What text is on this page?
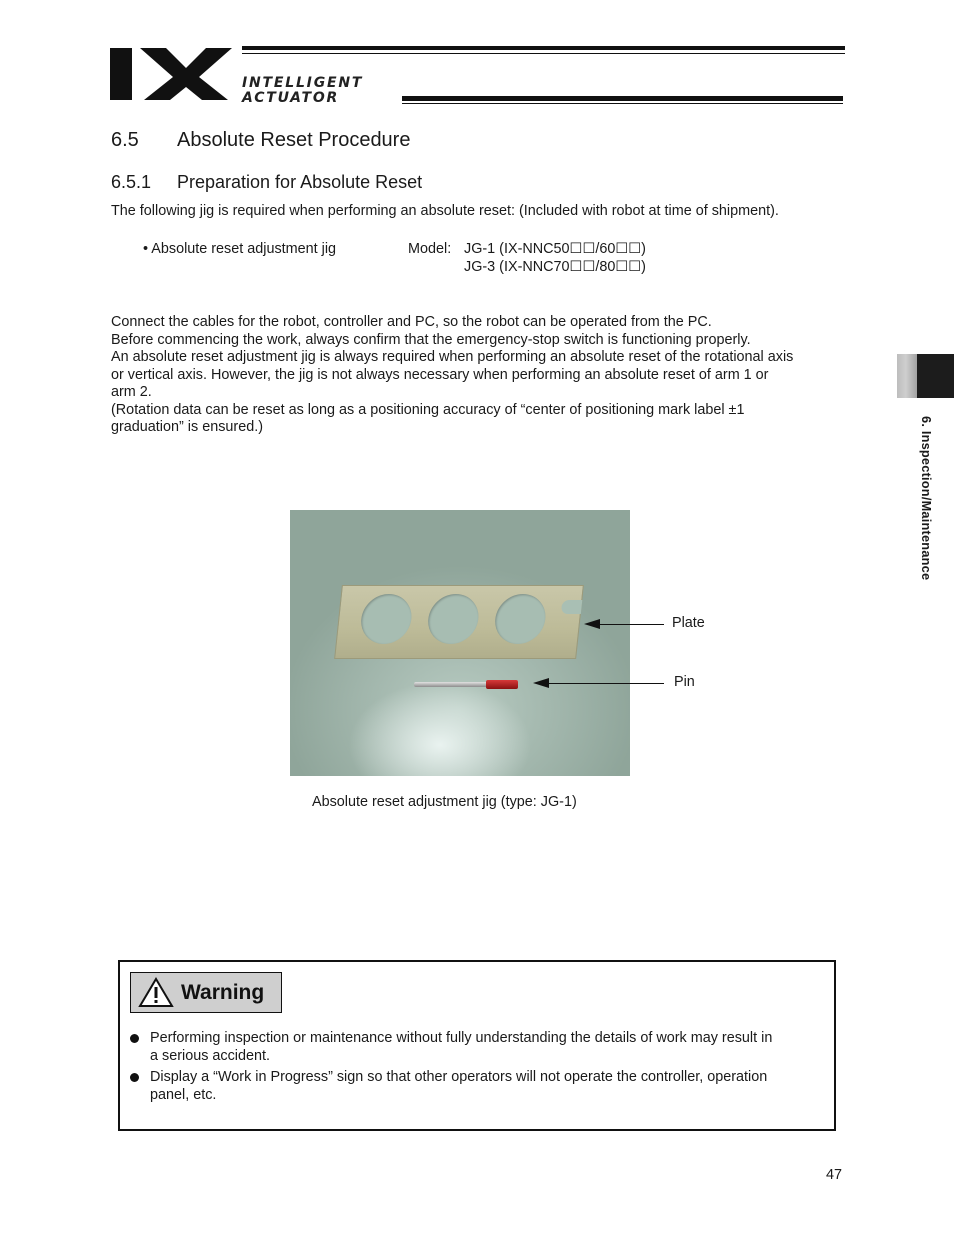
INTELLIGENT
ACTUATOR
6.5 Absolute Reset Procedure
6.5.1 Preparation for Absolute Reset
The following jig is required when performing an absolute reset: (Included with robot at time of shipment).
• Absolute reset adjustment jig	Model: JG-1 (IX-NNC50☐☐/60☐☐)
JG-3 (IX-NNC70☐☐/80☐☐)
Connect the cables for the robot, controller and PC, so the robot can be operated from the PC.
Before commencing the work, always confirm that the emergency-stop switch is functioning properly.
An absolute reset adjustment jig is always required when performing an absolute reset of the rotational axis
or vertical axis. However, the jig is not always necessary when performing an absolute reset of arm 1 or
arm 2.
(Rotation data can be reset as long as a positioning accuracy of “center of positioning mark label ±1
graduation” is ensured.)
Plate
Pin
Absolute reset adjustment jig (type: JG-1)
6. Inspection/Maintenance
Warning
Performing inspection or maintenance without fully understanding the details of work may result in
a serious accident.
Display a “Work in Progress” sign so that other operators will not operate the controller, operation
panel, etc.
47
